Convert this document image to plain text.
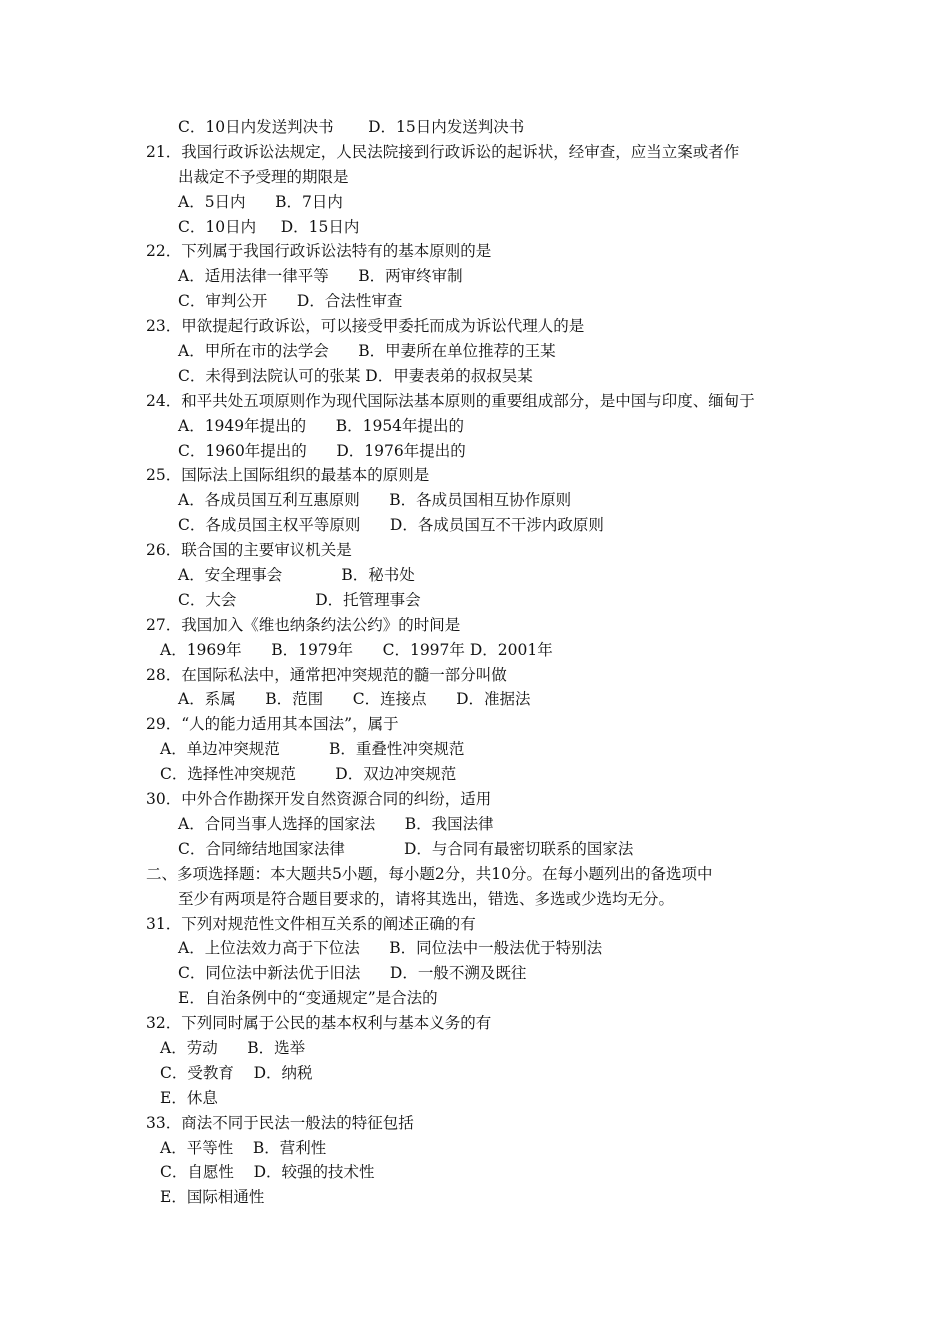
C．10日内发送判决书       D．15日内发送判决书
21．我国行政诉讼法规定，人民法院接到行政诉讼的起诉状，经审查，应当立案或者作
出裁定不予受理的期限是
A．5日内      B．7日内
C．10日内     D．15日内
22．下列属于我国行政诉讼法特有的基本原则的是
A．适用法律一律平等      B．两审终审制
C．审判公开      D．合法性审查
23．甲欲提起行政诉讼，可以接受甲委托而成为诉讼代理人的是
A．甲所在市的法学会      B．甲妻所在单位推荐的王某
C．未得到法院认可的张某 D．甲妻表弟的叔叔吴某
24．和平共处五项原则作为现代国际法基本原则的重要组成部分，是中国与印度、缅甸于
A．1949年提出的      B．1954年提出的
C．1960年提出的      D．1976年提出的
25．国际法上国际组织的最基本的原则是
A．各成员国互利互惠原则      B．各成员国相互协作原则
C．各成员国主权平等原则      D．各成员国互不干涉内政原则
26．联合国的主要审议机关是
A．安全理事会            B．秘书处
C．大会                D．托管理事会
27．我国加入《维也纳条约法公约》的时间是
A．1969年      B．1979年      C．1997年 D．2001年
28．在国际私法中，通常把冲突规范的髓一部分叫做
A．系属      B．范围      C．连接点      D．准据法
29．“人的能力适用其本国法”，属于
A．单边冲突规范          B．重叠性冲突规范
C．选择性冲突规范        D．双边冲突规范
30．中外合作勘探开发自然资源合同的纠纷，适用
A．合同当事人选择的国家法      B．我国法律
C．合同缔结地国家法律            D．与合同有最密切联系的国家法
二、多项选择题：本大题共5小题，每小题2分，共10分。在每小题列出的备选项中
至少有两项是符合题目要求的，请将其选出，错选、多选或少选均无分。
31．下列对规范性文件相互关系的阐述正确的有
A．上位法效力高于下位法      B．同位法中一般法优于特别法
C．同位法中新法优于旧法      D．一般不溯及既往
E．自治条例中的“变通规定”是合法的
32．下列同时属于公民的基本权利与基本义务的有
A．劳动      B．选举
C．受教育    D．纳税
E．休息
33．商法不同于民法一般法的特征包括
A．平等性    B．营利性
C．自愿性    D．较强的技术性
E．国际相通性
